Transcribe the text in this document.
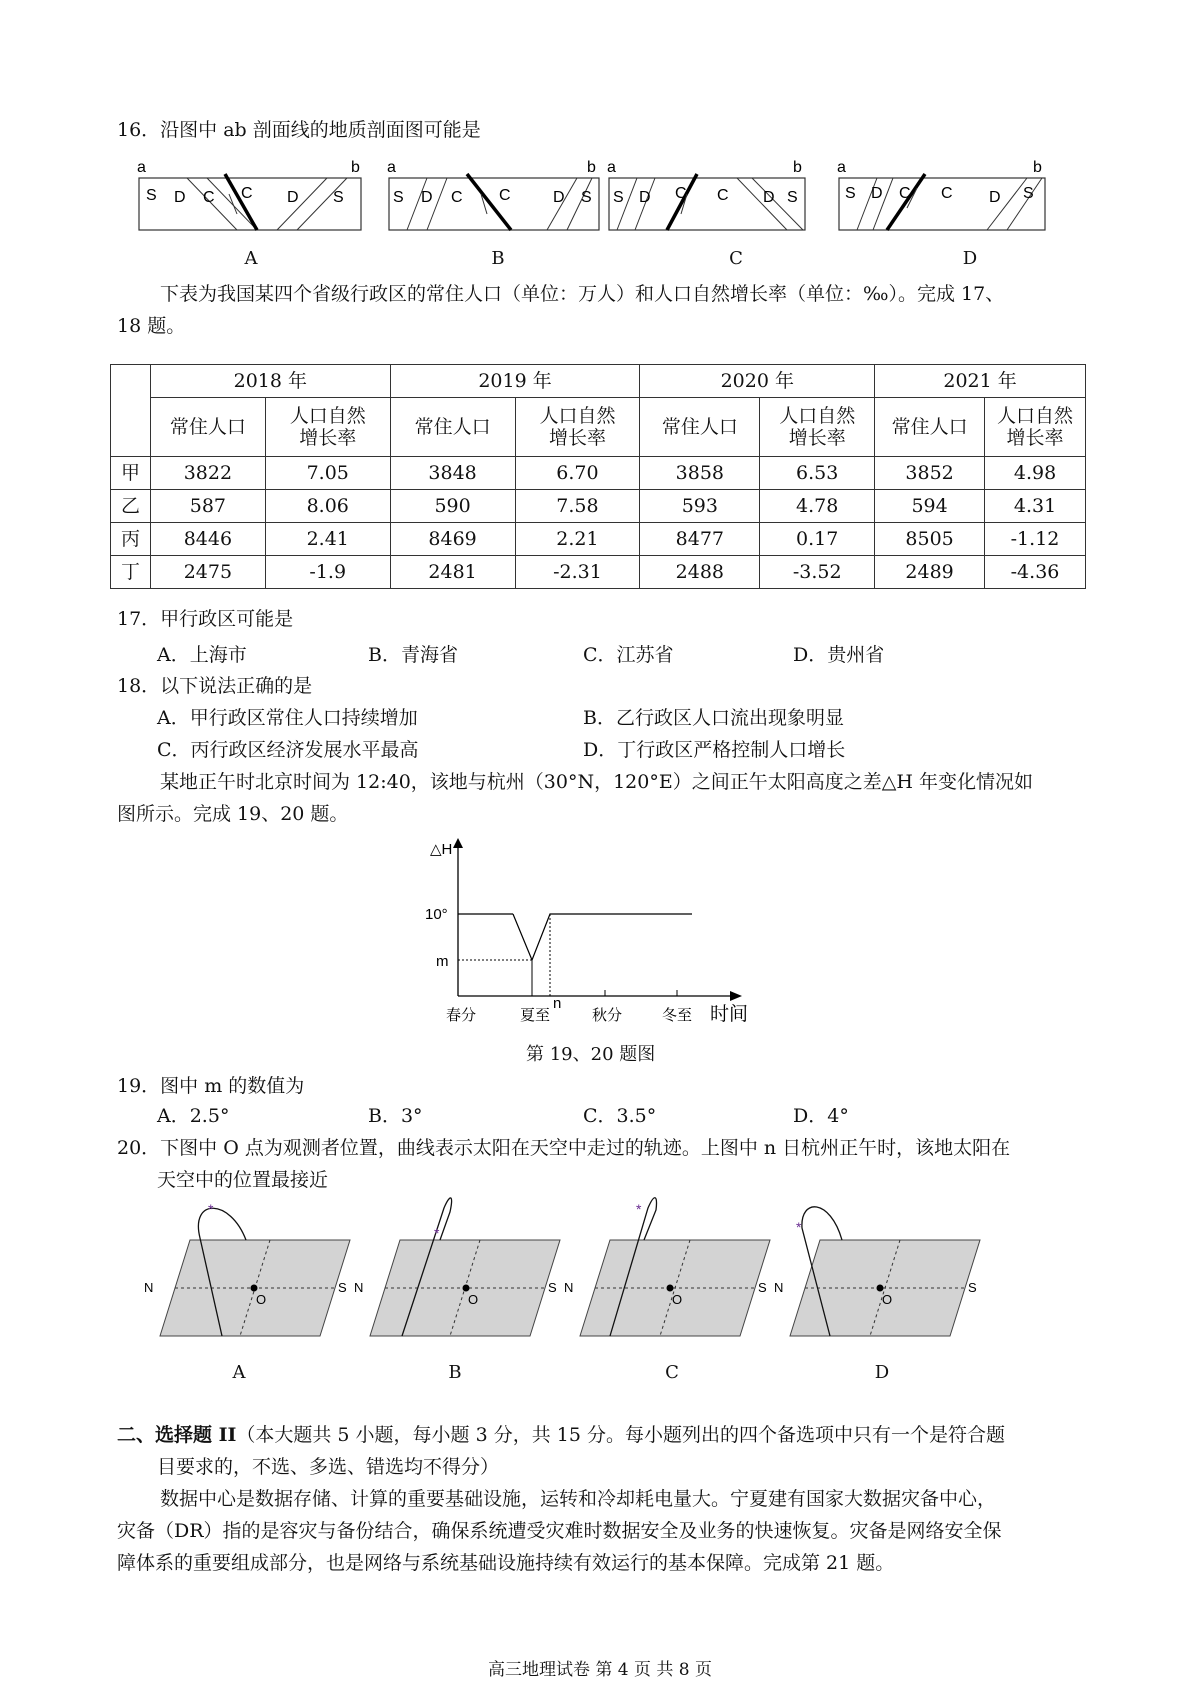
16．沿图中 ab 剖面线的地质剖面图可能是
a	b
S D C C D S
a	b
S D C C	D S
a	b
S D C C D S
a	b
S D C C D S
A	B	C	D
下表为我国某四个省级行政区的常住人口（单位：万人）和人口自然增长率（单位：‰）。完成 17、
18 题。
	2018 年		2019 年		2020 年		2021 年	
	常住人口	人口自然
增长率	常住人口	人口自然
增长率	常住人口	人口自然
增长率	常住人口	人口自然
增长率
甲	3822	7.05	3848	6.70	3858	6.53	3852	4.98
乙	587	8.06	590	7.58	593	4.78	594	4.31
丙	8446	2.41	8469	2.21	8477	0.17	8505	-1.12
丁	2475	-1.9	2481	-2.31	2488	-3.52	2489	-4.36
17．甲行政区可能是
A．上海市	B．青海省	C．江苏省	D．贵州省
18．以下说法正确的是
A．甲行政区常住人口持续增加	B．乙行政区人口流出现象明显
C．丙行政区经济发展水平最高	D．丁行政区严格控制人口增长
某地正午时北京时间为 12:40，该地与杭州（30°N，120°E）之间正午太阳高度之差△H 年变化情况如
图所示。完成 19、20 题。
△H
10°
m
n
春分	夏至	秋分	冬至 时间
第 19、20 题图
19．图中 m 的数值为
A．2.5°	B．3°	C．3.5°	D．4°
20．下图中 O 点为观测者位置，曲线表示太阳在天空中走过的轨迹。上图中 n 日杭州正午时，该地太阳在
天空中的位置最接近
*
O
N	S
*
O
N	S
*
O
N	S
*
O
N	S
A	B	C	D
二、选择题 II（本大题共 5 小题，每小题 3 分，共 15 分。每小题列出的四个备选项中只有一个是符合题
目要求的，不选、多选、错选均不得分）
数据中心是数据存储、计算的重要基础设施，运转和冷却耗电量大。宁夏建有国家大数据灾备中心，
灾备（DR）指的是容灾与备份结合，确保系统遭受灾难时数据安全及业务的快速恢复。灾备是网络安全保
障体系的重要组成部分，也是网络与系统基础设施持续有效运行的基本保障。完成第 21 题。
高三地理试卷 第 4 页 共 8 页
